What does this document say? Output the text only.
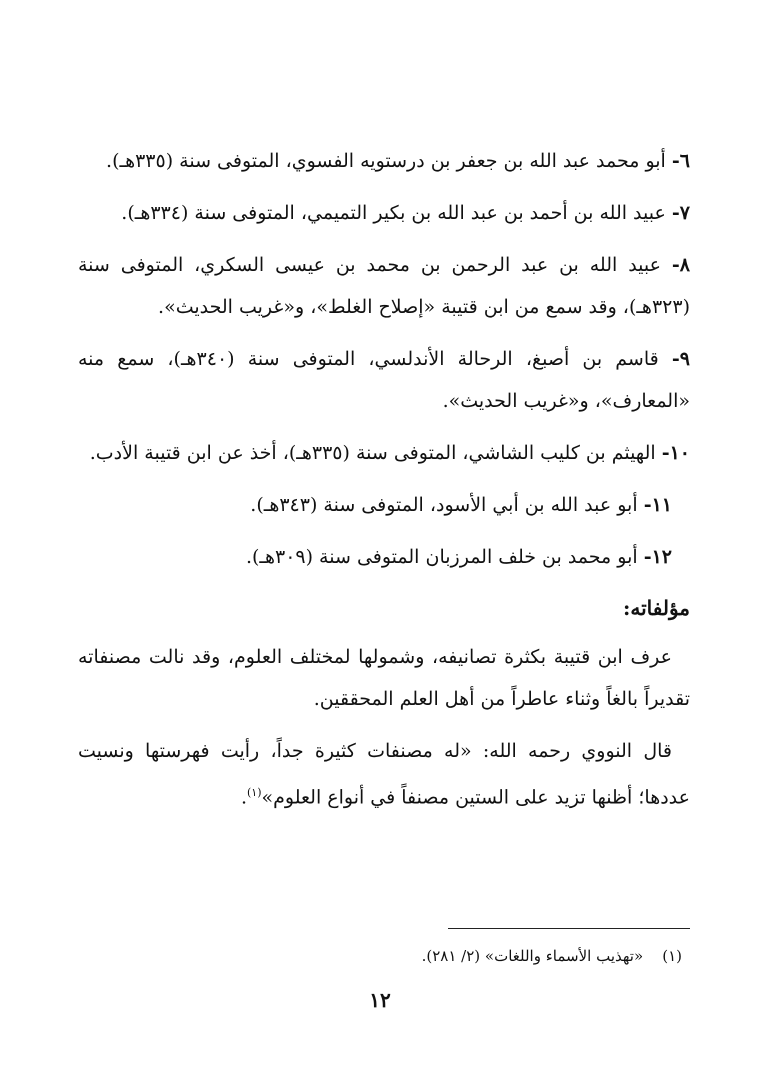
٦- أبو محمد عبد الله بن جعفر بن درستويه الفسوي، المتوفى سنة (٣٣٥هـ).
٧- عبيد الله بن أحمد بن عبد الله بن بكير التميمي، المتوفى سنة (٣٣٤هـ).
٨- عبيد الله بن عبد الرحمن بن محمد بن عيسى السكري، المتوفى سنة (٣٢٣هـ)، وقد سمع من ابن قتيبة «إصلاح الغلط»، و«غريب الحديث».
٩- قاسم بن أصبغ، الرحالة الأندلسي، المتوفى سنة (٣٤٠هـ)، سمع منه «المعارف»، و«غريب الحديث».
١٠- الهيثم بن كليب الشاشي، المتوفى سنة (٣٣٥هـ)، أخذ عن ابن قتيبة الأدب.
١١- أبو عبد الله بن أبي الأسود، المتوفى سنة (٣٤٣هـ).
١٢- أبو محمد بن خلف المرزبان المتوفى سنة (٣٠٩هـ).
مؤلفاته:

عرف ابن قتيبة بكثرة تصانيفه، وشمولها لمختلف العلوم، وقد نالت مصنفاته تقديراً بالغاً وثناء عاطراً من أهل العلم المحققين.

قال النووي رحمه الله: «له مصنفات كثيرة جداً، رأيت فهرستها ونسيت عددها؛ أظنها تزيد على الستين مصنفاً في أنواع العلوم»$^{(١)}$.

(١)    «تهذيب الأسماء واللغات» (٢/ ٢٨١).
١٢
